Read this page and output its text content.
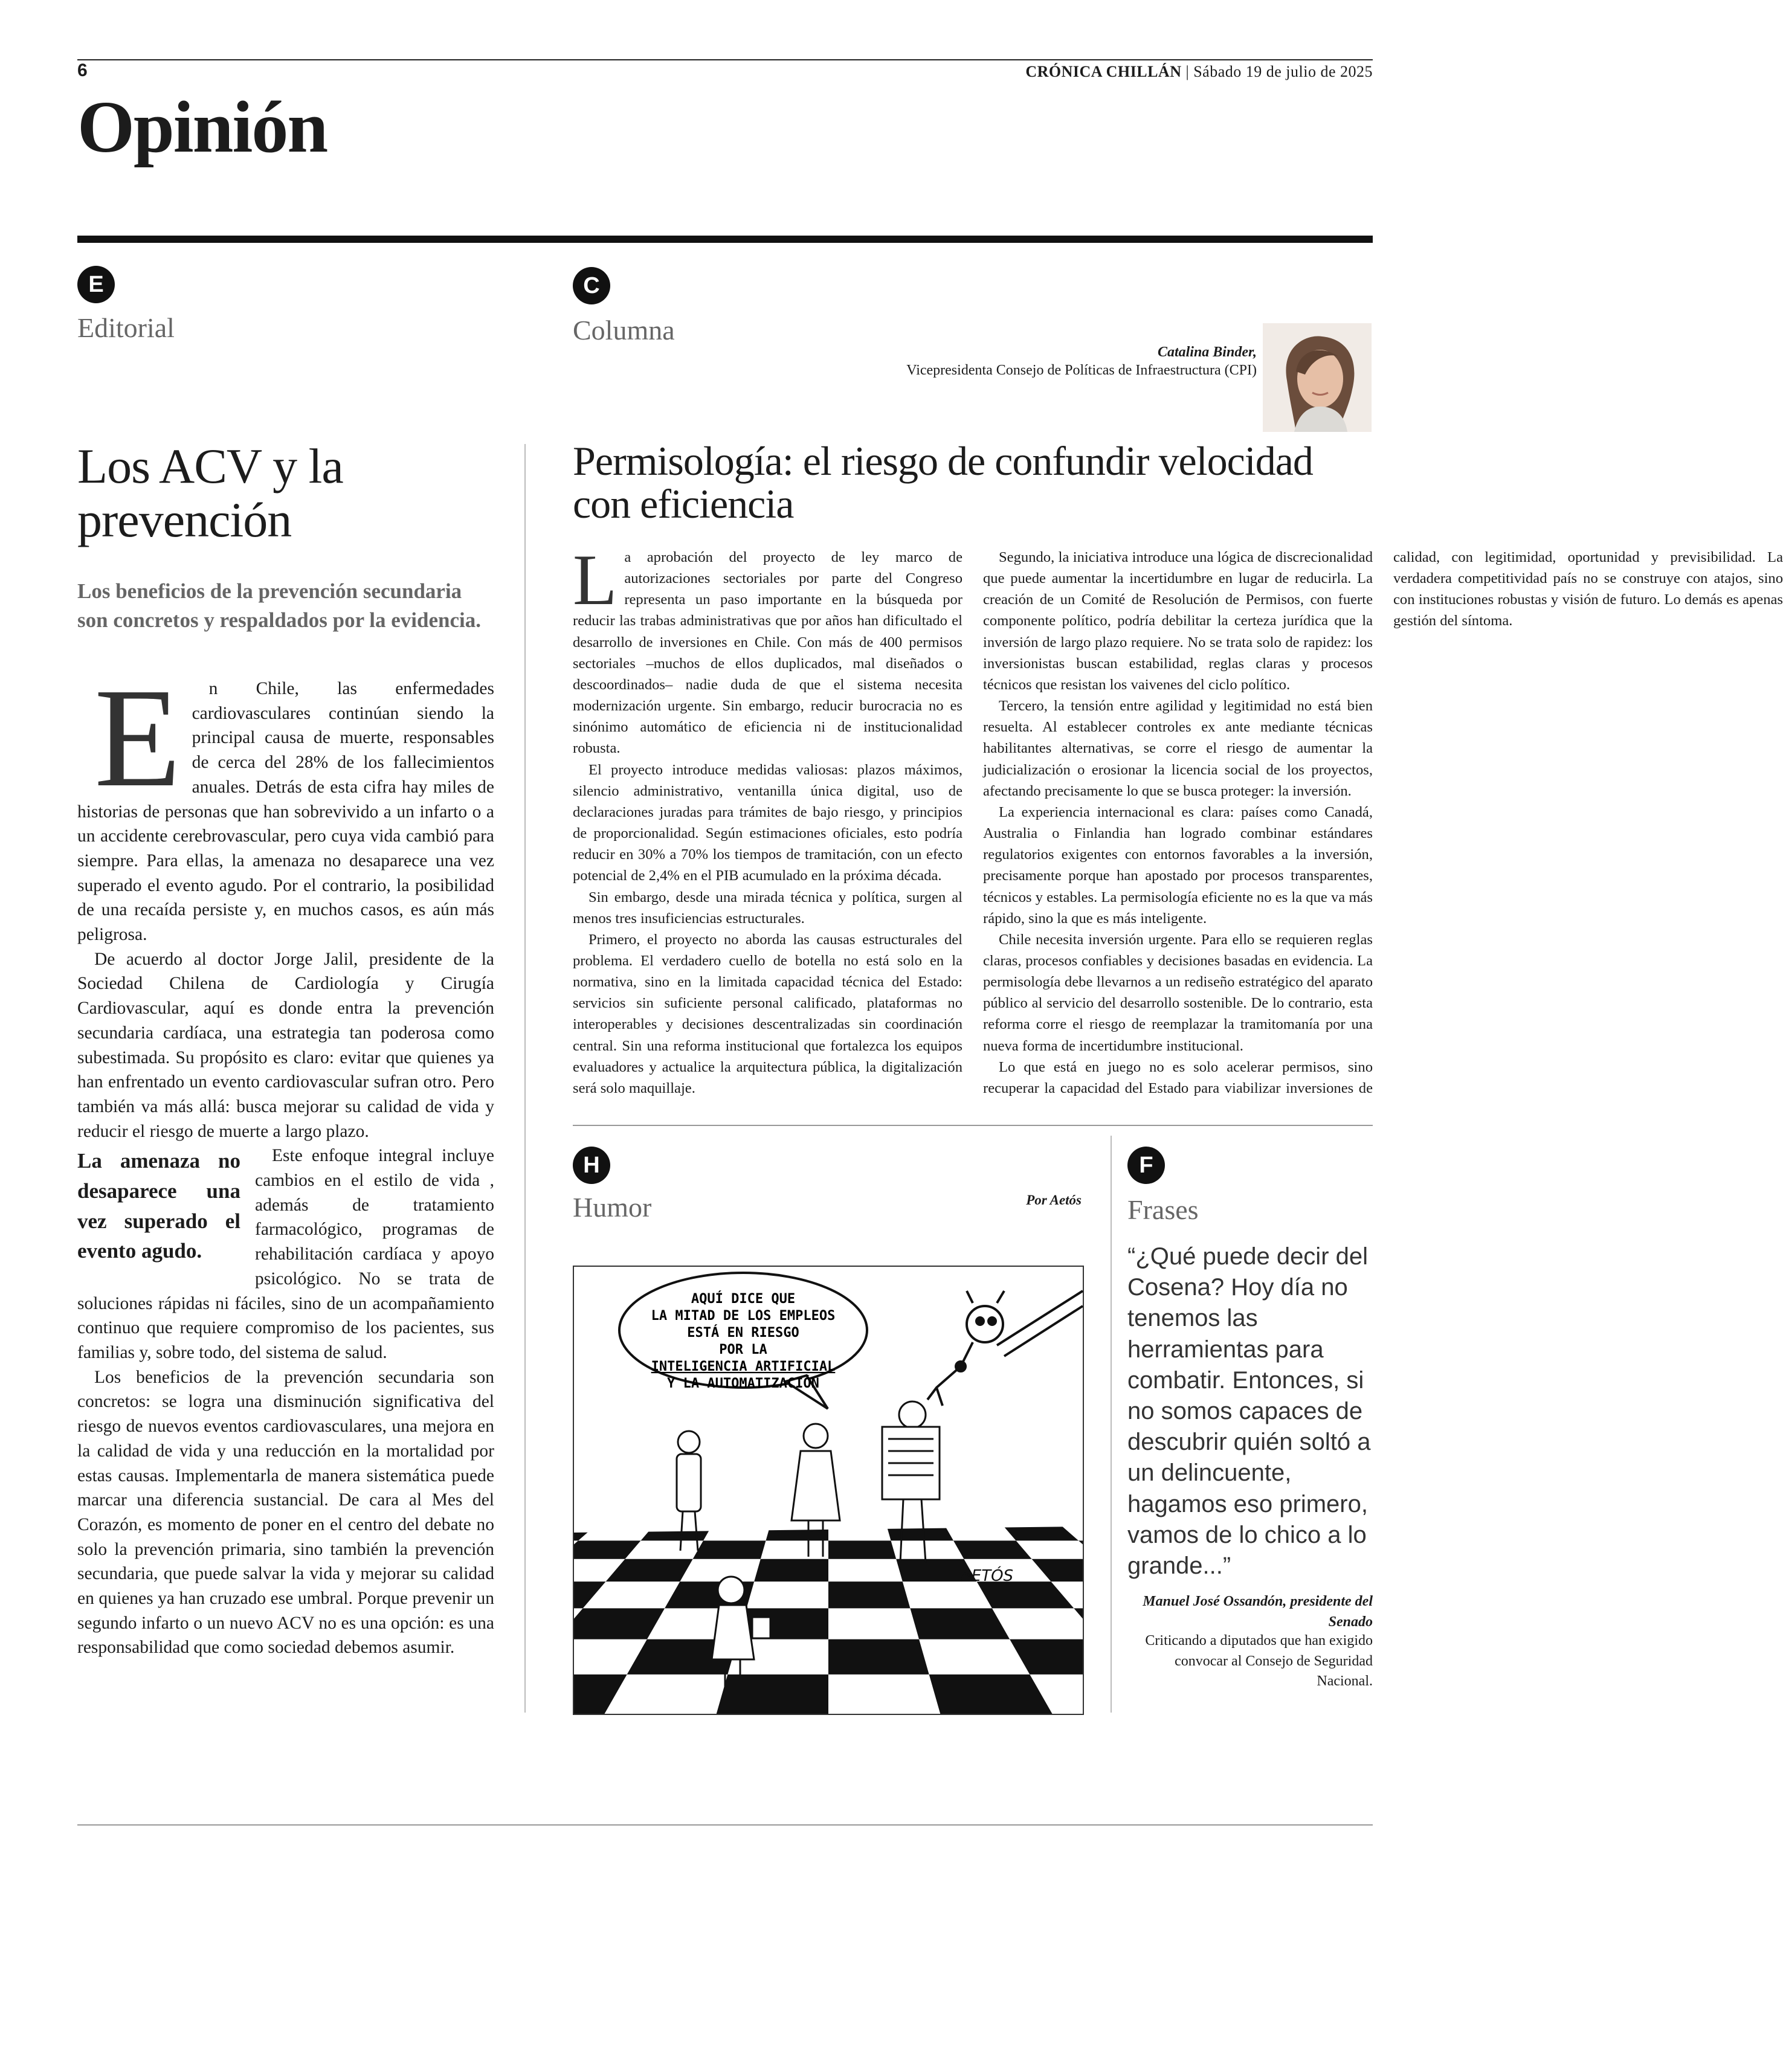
6	CRÓNICA CHILLÁN | Sábado 19 de julio de 2025
Opinión
E
Editorial
Los ACV y la prevención
Los beneficios de la prevención secundaria son concretos y respaldados por la evidencia.

E n Chile, las enfermedades cardiovasculares continúan siendo la principal causa de muerte, responsables de cerca del 28% de los fallecimientos anuales. Detrás de esta cifra hay miles de historias de personas que han sobrevivido a un infarto o a un accidente cerebrovascular, pero cuya vida cambió para siempre. Para ellas, la amenaza no desaparece una vez superado el evento agudo. Por el contrario, la posibilidad de una recaída persiste y, en muchos casos, es aún más peligrosa.

De acuerdo al doctor Jorge Jalil, presidente de la Sociedad Chilena de Cardiología y Cirugía Cardiovascular, aquí es donde entra la prevención secundaria cardíaca, una estrategia tan poderosa como subestimada. Su propósito es claro: evitar que quienes ya han enfrentado un evento cardiovascular sufran otro. Pero también va más allá: busca mejorar su calidad de vida y reducir el riesgo de muerte a largo plazo.

La amenaza no desaparece una vez superado el evento agudo.

Este enfoque integral incluye cambios en el estilo de vida , además de tratamiento farmacológico, programas de rehabilitación cardíaca y apoyo psicológico. No se trata de soluciones rápidas ni fáciles, sino de un acompañamiento continuo que requiere compromiso de los pacientes, sus familias y, sobre todo, del sistema de salud.

Los beneficios de la prevención secundaria son concretos: se logra una disminución significativa del riesgo de nuevos eventos cardiovasculares, una mejora en la calidad de vida y una reducción en la mortalidad por estas causas. Implementarla de manera sistemática puede marcar una diferencia sustancial. De cara al Mes del Corazón, es momento de poner en el centro del debate no solo la prevención primaria, sino también la prevención secundaria, que puede salvar la vida y mejorar su calidad en quienes ya han cruzado ese umbral. Porque prevenir un segundo infarto o un nuevo ACV no es una opción: es una responsabilidad que como sociedad debemos asumir.

C
Columna
Catalina Binder,
Vicepresidenta Consejo de Políticas de Infraestructura (CPI)
Permisología: el riesgo de confundir velocidad con eficiencia

La aprobación del proyecto de ley marco de autorizaciones sectoriales por parte del Congreso representa un paso importante en la búsqueda por reducir las trabas administrativas que por años han dificultado el desarrollo de inversiones en Chile. Con más de 400 permisos sectoriales –muchos de ellos duplicados, mal diseñados o descoordinados– nadie duda de que el sistema necesita modernización urgente. Sin embargo, reducir burocracia no es sinónimo automático de eficiencia ni de institucionalidad robusta.

El proyecto introduce medidas valiosas: plazos máximos, silencio administrativo, ventanilla única digital, uso de declaraciones juradas para trámites de bajo riesgo, y principios de proporcionalidad. Según estimaciones oficiales, esto podría reducir en 30% a 70% los tiempos de tramitación, con un efecto potencial de 2,4% en el PIB acumulado en la próxima década.

Sin embargo, desde una mirada técnica y política, surgen al menos tres insuficiencias estructurales.

Primero, el proyecto no aborda las causas estructurales del problema. El verdadero cuello de botella no está solo en la normativa, sino en la limitada capacidad técnica del Estado: servicios sin suficiente personal calificado, plataformas no interoperables y decisiones descentralizadas sin coordinación central. Sin una reforma institucional que fortalezca los equipos evaluadores y actualice la arquitectura pública, la digitalización será solo maquillaje.

Segundo, la iniciativa introduce una lógica de discrecionalidad que puede aumentar la incertidumbre en lugar de reducirla. La creación de un Comité de Resolución de Permisos, con fuerte componente político, podría debilitar la certeza jurídica que la inversión de largo plazo requiere. No se trata solo de rapidez: los inversionistas buscan estabilidad, reglas claras y procesos técnicos que resistan los vaivenes del ciclo político.

Tercero, la tensión entre agilidad y legitimidad no está bien resuelta. Al establecer controles ex ante mediante técnicas habilitantes alternativas, se corre el riesgo de aumentar la judicialización o erosionar la licencia social de los proyectos, afectando precisamente lo que se busca proteger: la inversión.

La experiencia internacional es clara: países como Canadá, Australia o Finlandia han logrado combinar estándares regulatorios exigentes con entornos favorables a la inversión, precisamente porque han apostado por procesos transparentes, técnicos y estables. La permisología eficiente no es la que va más rápido, sino la que es más inteligente.

Chile necesita inversión urgente. Para ello se requieren reglas claras, procesos confiables y decisiones basadas en evidencia. La permisología debe llevarnos a un rediseño estratégico del aparato público al servicio del desarrollo sostenible. De lo contrario, esta reforma corre el riesgo de reemplazar la tramitomanía por una nueva forma de incertidumbre institucional.

Lo que está en juego no es solo acelerar permisos, sino recuperar la capacidad del Estado para viabilizar inversiones de calidad, con legitimidad, oportunidad y previsibilidad. La verdadera competitividad país no se construye con atajos, sino con instituciones robustas y visión de futuro. Lo demás es apenas gestión del síntoma.

H
Humor	Por Aetós
AQUÍ DICE QUE
LA MITAD DE LOS EMPLEOS
ESTÁ EN RIESGO
POR LA
INTELIGENCIA ARTIFICIAL
Y LA AUTOMATIZACIÓN
AETÓS
F
Frases
“¿Qué puede decir del Cosena? Hoy día no tenemos las herramientas para combatir. Entonces, si no somos capaces de descubrir quién soltó a un delincuente, hagamos eso primero, vamos de lo chico a lo grande...”
Manuel José Ossandón, presidente del Senado
Criticando a diputados que han exigido convocar al Consejo de Seguridad Nacional.
